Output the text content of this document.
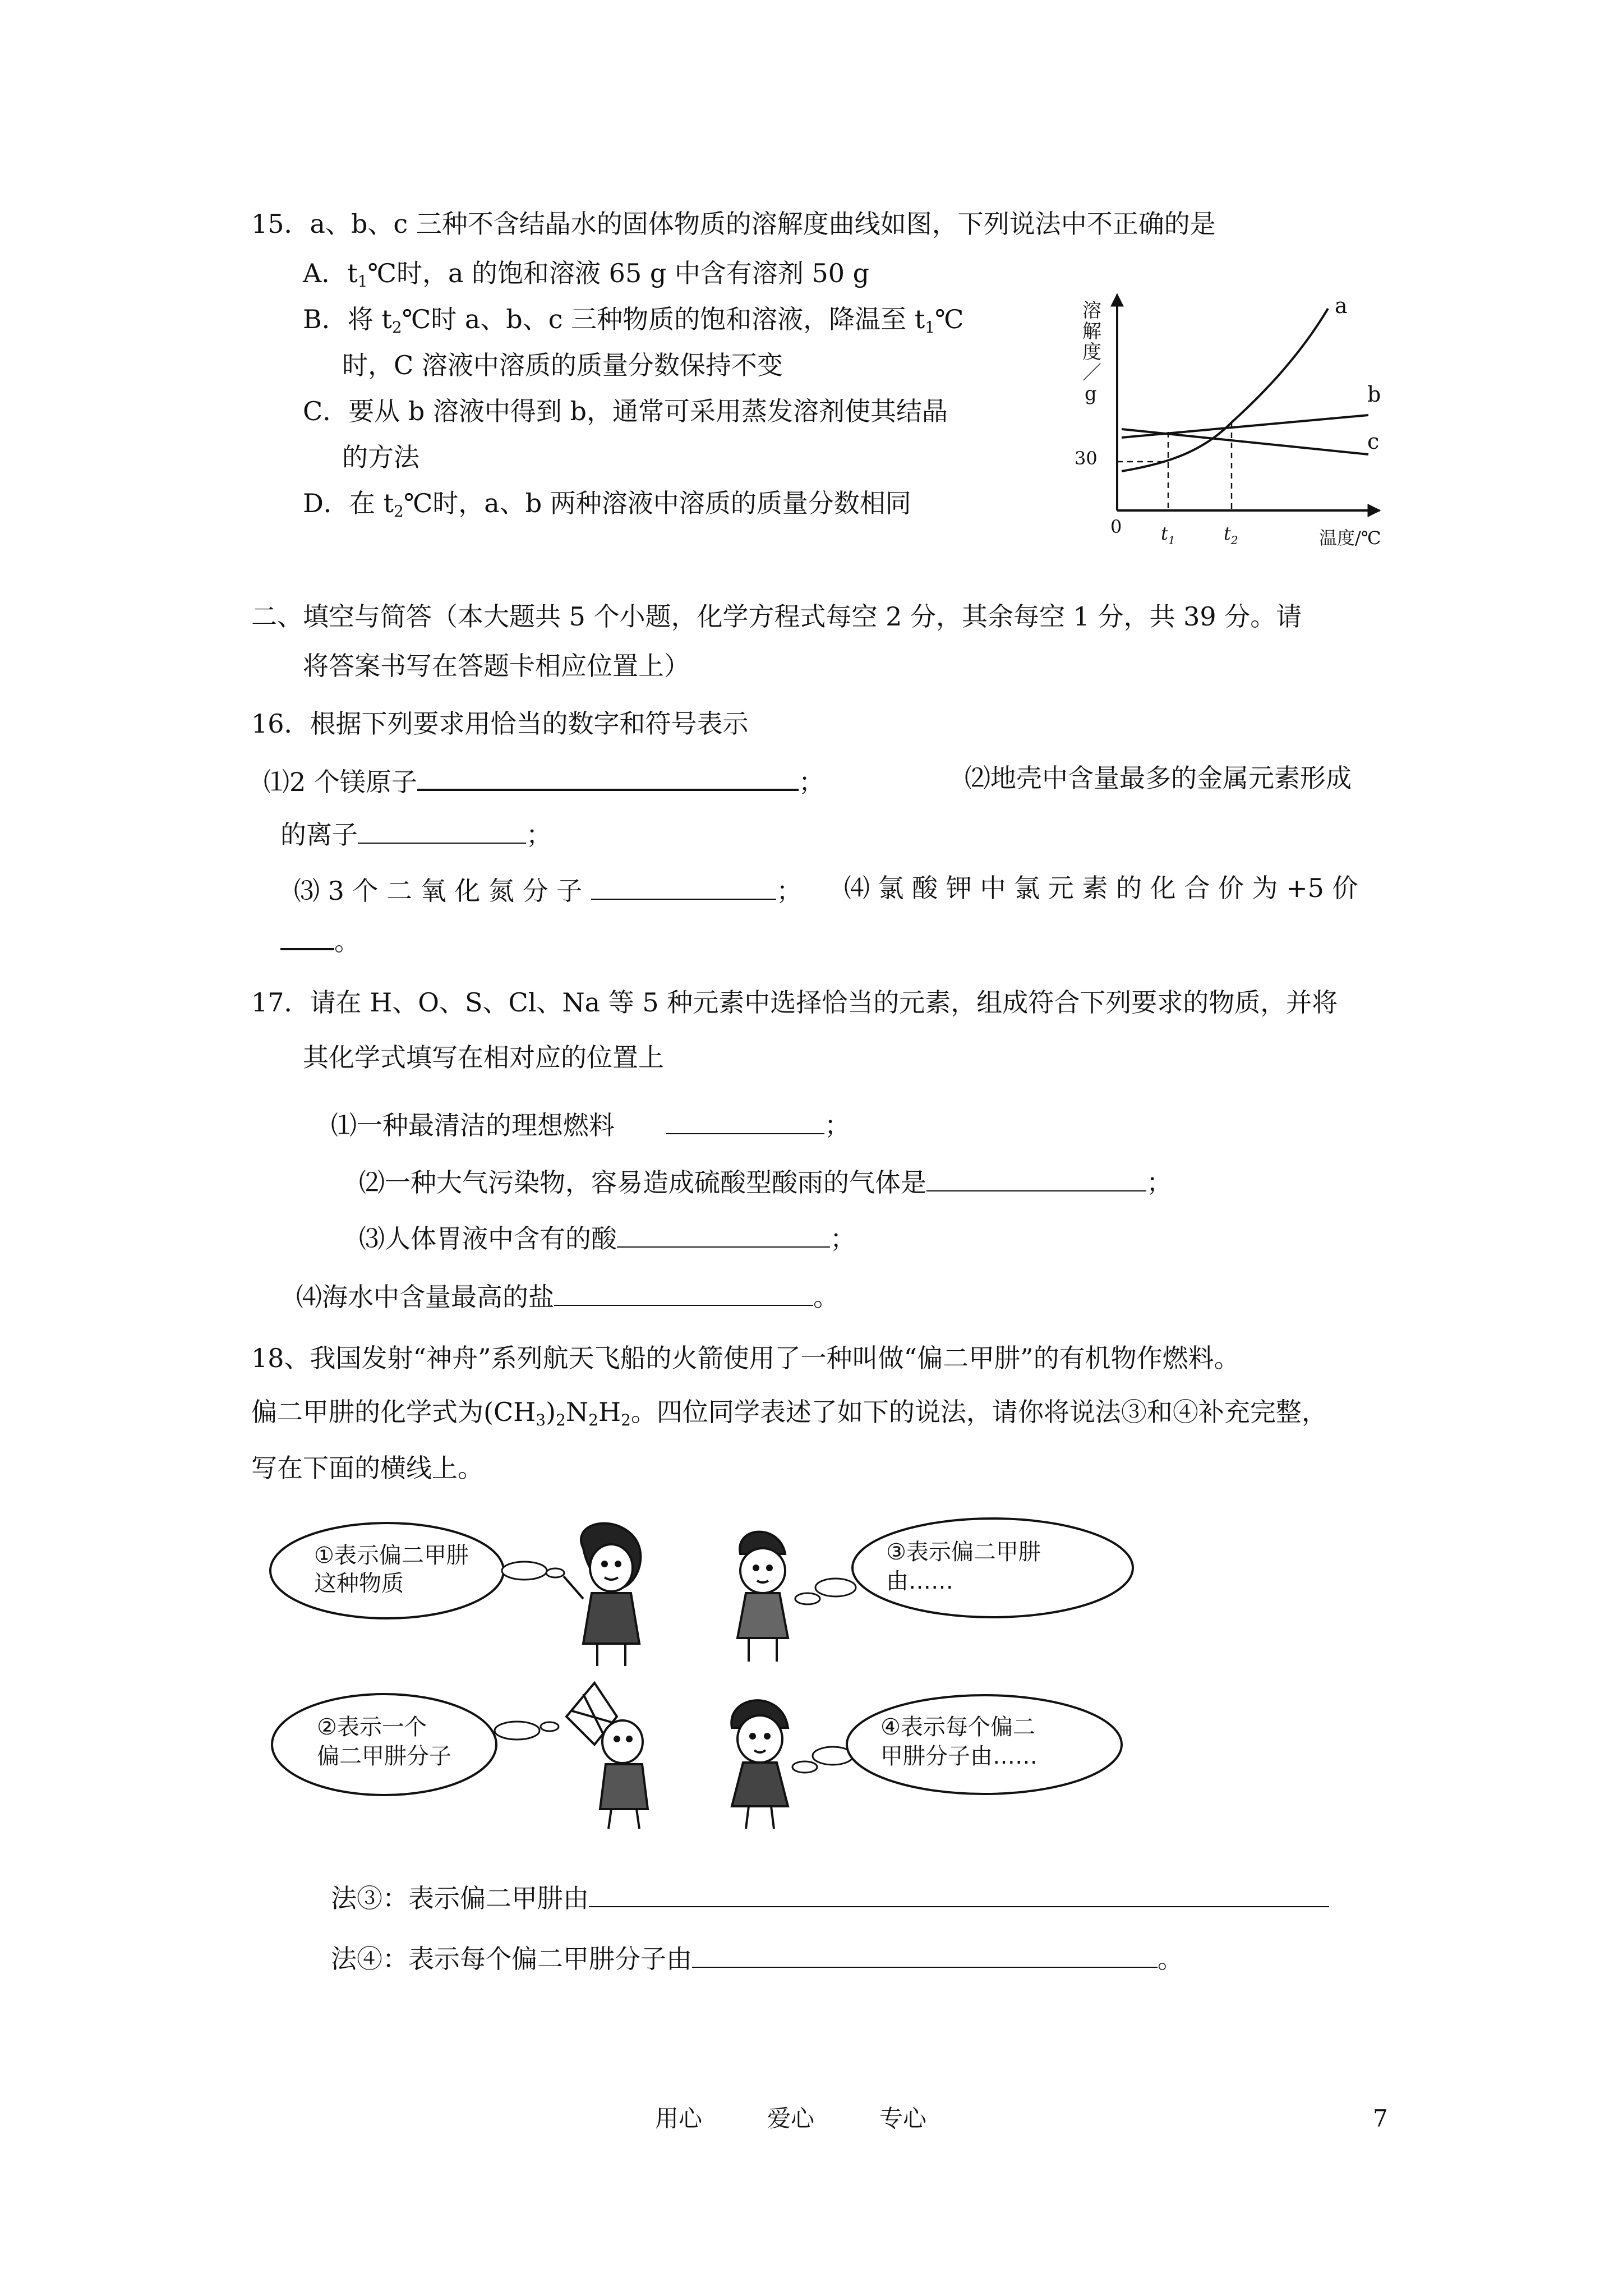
15．a、b、c 三种不含结晶水的固体物质的溶解度曲线如图，下列说法中不正确的是
A．$t_1℃$时，a 的饱和溶液 65 g 中含有溶剂 50 g
B．将 $t_2℃$时 a、b、c 三种物质的饱和溶液，降温至 $t_1℃$
时，C 溶液中溶质的质量分数保持不变
C．要从 b 溶液中得到 b，通常可采用蒸发溶剂使其结晶
的方法
D．在 $t_2℃$时，a、b 两种溶液中溶质的质量分数相同
溶
解
度
／
g
30
0 $t_1$	$t_2$	温度/℃
a
b
c
二、填空与简答（本大题共 5 个小题，化学方程式每空 2 分，其余每空 1 分，共 39 分。请
将答案书写在答题卡相应位置上）
16．根据下列要求用恰当的数字和符号表示
⑴2 个镁原子	；	⑵地壳中含量最多的金属元素形成
的离子	；
⑶ 3 个 二 氧 化 氮 分 子	； ⑷ 氯 酸 钾 中 氯 元 素 的 化 合 价 为 +5 价
。
17．请在 H、O、S、Cl、Na 等 5 种元素中选择恰当的元素，组成符合下列要求的物质，并将
其化学式填写在相对应的位置上
⑴一种最清洁的理想燃料	；
⑵一种大气污染物，容易造成硫酸型酸雨的气体是	；
⑶人体胃液中含有的酸	；
⑷海水中含量最高的盐	。
18、我国发射“神舟”系列航天飞船的火箭使用了一种叫做“偏二甲肼”的有机物作燃料。
偏二甲肼的化学式为$(CH_3)_2N_2H_2$。四位同学表述了如下的说法，请你将说法③和④补充完整，
写在下面的横线上。
①表示偏二甲肼
这种物质
③表示偏二甲肼
由……
②表示一个
偏二甲肼分子
④表示每个偏二
甲肼分子由……
法③：表示偏二甲肼由
法④：表示每个偏二甲肼分子由	。
用心	爱心	专心	7
